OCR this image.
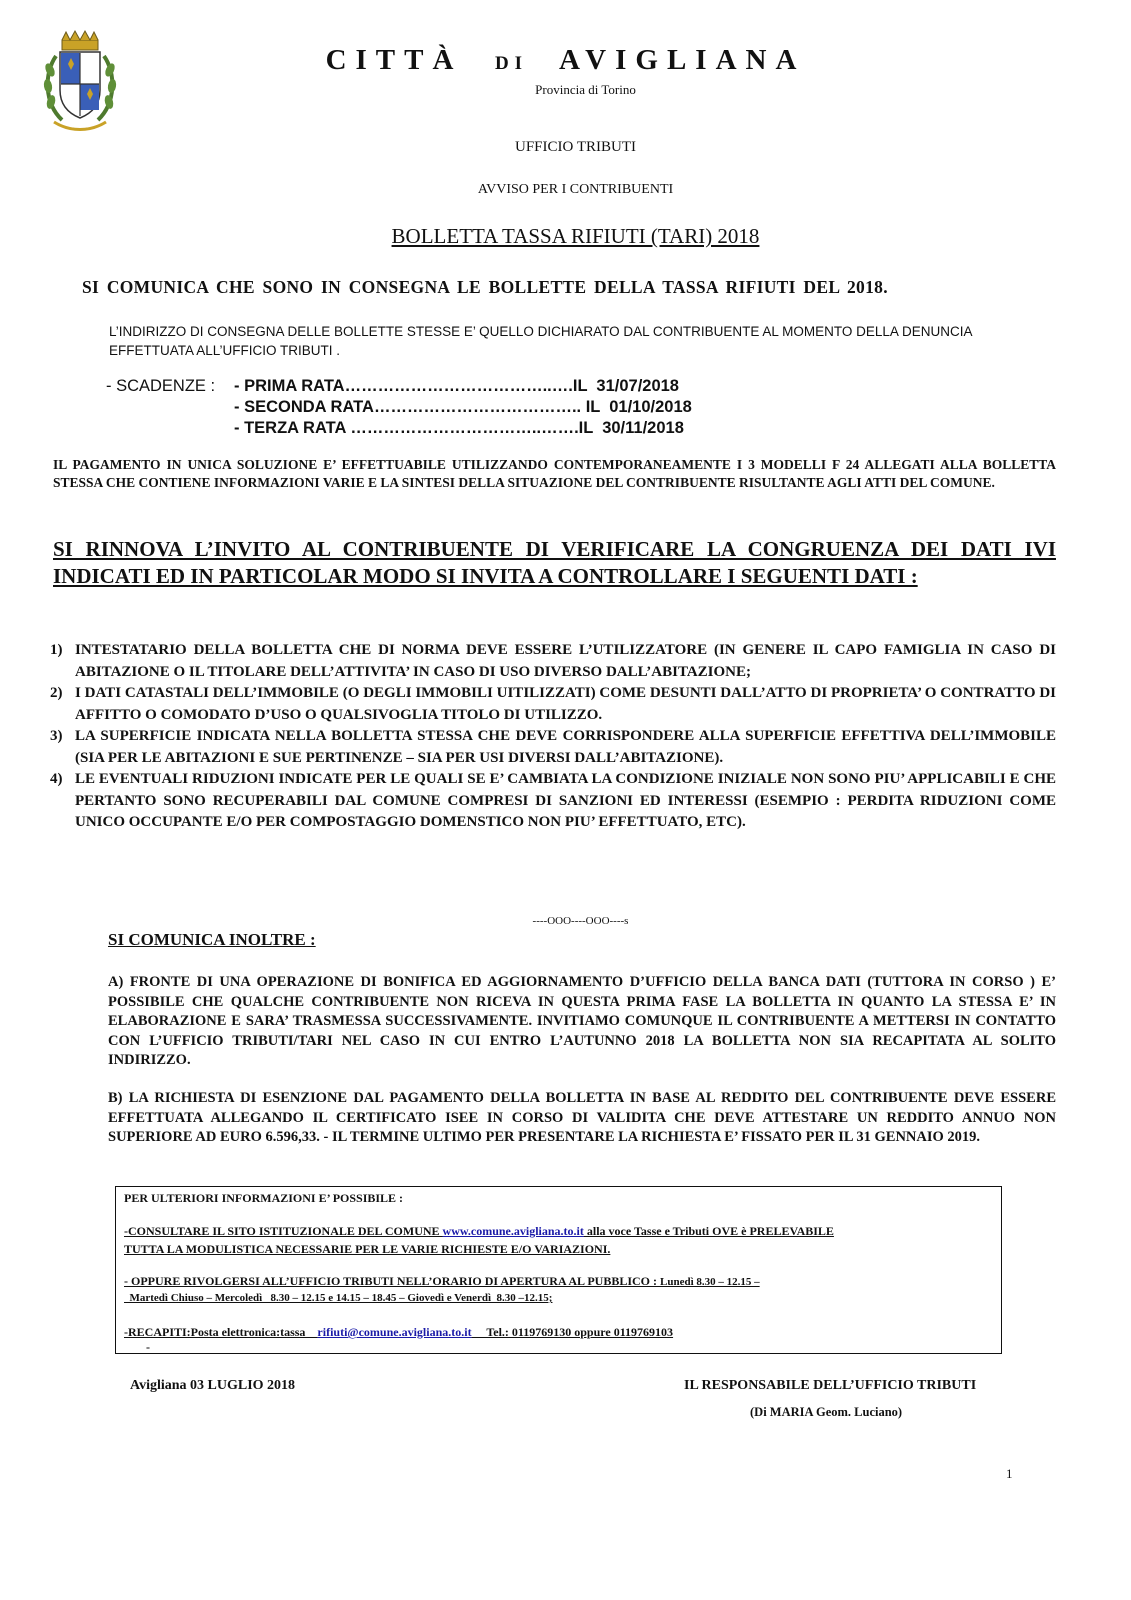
CITTÀ DI AVIGLIANA
Provincia di Torino
UFFICIO TRIBUTI
AVVISO PER I CONTRIBUENTI
BOLLETTA TASSA RIFIUTI (TARI) 2018
SI COMUNICA CHE SONO IN CONSEGNA LE BOLLETTE DELLA TASSA RIFIUTI DEL 2018.
L’INDIRIZZO DI CONSEGNA DELLE BOLLETTE STESSE E’ QUELLO DICHIARATO DAL CONTRIBUENTE AL MOMENTO DELLA DENUNCIA EFFETTUATA ALL’UFFICIO TRIBUTI .
- SCADENZE : - PRIMA RATA………………………………..….IL  31/07/2018
- SECONDA RATA……………………………….. IL  01/10/2018
- TERZA RATA ……………………………..…….IL  30/11/2018
IL PAGAMENTO IN UNICA SOLUZIONE E’ EFFETTUABILE UTILIZZANDO CONTEMPORANEAMENTE I 3 MODELLI F 24 ALLEGATI ALLA BOLLETTA STESSA CHE CONTIENE INFORMAZIONI VARIE E LA SINTESI DELLA SITUAZIONE DEL CONTRIBUENTE RISULTANTE AGLI ATTI DEL COMUNE.
SI RINNOVA L’INVITO AL CONTRIBUENTE DI VERIFICARE LA CONGRUENZA DEI DATI IVI INDICATI ED IN PARTICOLAR MODO SI INVITA A CONTROLLARE I SEGUENTI DATI :
1) INTESTATARIO DELLA BOLLETTA CHE DI NORMA DEVE ESSERE L’UTILIZZATORE (IN GENERE IL CAPO FAMIGLIA IN CASO DI ABITAZIONE O IL TITOLARE DELL’ATTIVITA’ IN CASO DI USO DIVERSO DALL’ABITAZIONE;
2) I DATI CATASTALI DELL’IMMOBILE (O DEGLI IMMOBILI UITILIZZATI) COME DESUNTI DALL’ATTO DI PROPRIETA’ O CONTRATTO DI AFFITTO O COMODATO D’USO O QUALSIVOGLIA TITOLO DI UTILIZZO.
3) LA SUPERFICIE INDICATA NELLA BOLLETTA STESSA CHE DEVE CORRISPONDERE ALLA SUPERFICIE EFFETTIVA DELL’IMMOBILE (SIA PER LE ABITAZIONI E SUE PERTINENZE – SIA PER USI DIVERSI DALL’ABITAZIONE).
4) LE EVENTUALI RIDUZIONI INDICATE PER LE QUALI SE E’ CAMBIATA LA CONDIZIONE INIZIALE NON SONO PIU’ APPLICABILI E CHE PERTANTO SONO RECUPERABILI DAL COMUNE COMPRESI DI SANZIONI ED INTERESSI (ESEMPIO : PERDITA RIDUZIONI COME UNICO OCCUPANTE E/O PER COMPOSTAGGIO DOMENSTICO NON PIU’ EFFETTUATO, ETC).
----OOO----OOO----s
SI COMUNICA INOLTRE :
A) FRONTE DI UNA OPERAZIONE DI BONIFICA ED AGGIORNAMENTO D’UFFICIO DELLA BANCA DATI (TUTTORA IN CORSO ) E’ POSSIBILE CHE QUALCHE CONTRIBUENTE NON RICEVA IN QUESTA PRIMA FASE LA BOLLETTA IN QUANTO LA STESSA E’ IN ELABORAZIONE E SARA’ TRASMESSA SUCCESSIVAMENTE. INVITIAMO COMUNQUE IL CONTRIBUENTE A METTERSI IN CONTATTO CON L’UFFICIO TRIBUTI/TARI NEL CASO IN CUI ENTRO L’AUTUNNO 2018 LA BOLLETTA NON SIA RECAPITATA AL SOLITO INDIRIZZO.
B) LA RICHIESTA DI ESENZIONE DAL PAGAMENTO DELLA BOLLETTA IN BASE AL REDDITO DEL CONTRIBUENTE DEVE ESSERE EFFETTUATA ALLEGANDO IL CERTIFICATO ISEE IN CORSO DI VALIDITA CHE DEVE ATTESTARE UN REDDITO ANNUO NON SUPERIORE AD EURO 6.596,33. - IL TERMINE ULTIMO PER PRESENTARE LA RICHIESTA E’ FISSATO PER IL 31 GENNAIO 2019.
PER ULTERIORI INFORMAZIONI E’ POSSIBILE :
-CONSULTARE IL SITO ISTITUZIONALE DEL COMUNE www.comune.avigliana.to.it alla voce Tasse e Tributi OVE è PRELEVABILE
TUTTA LA MODULISTICA NECESSARIE PER LE VARIE RICHIESTE E/O VARIAZIONI.
- OPPURE RIVOLGERSI ALL’UFFICIO TRIBUTI NELL’ORARIO DI APERTURA AL PUBBLICO : Lunedì 8.30 – 12.15 –
Martedì Chiuso – Mercoledì   8.30 – 12.15 e 14.15 – 18.45 – Giovedì e Venerdì  8.30 –12.15;
-RECAPITI:Posta elettronica:tassa    rifiuti@comune.avigliana.to.it     Tel.: 0119769130 oppure 0119769103
-
Avigliana 03 LUGLIO 2018	IL RESPONSABILE DELL’UFFICIO TRIBUTI
(Di MARIA Geom. Luciano)
1
